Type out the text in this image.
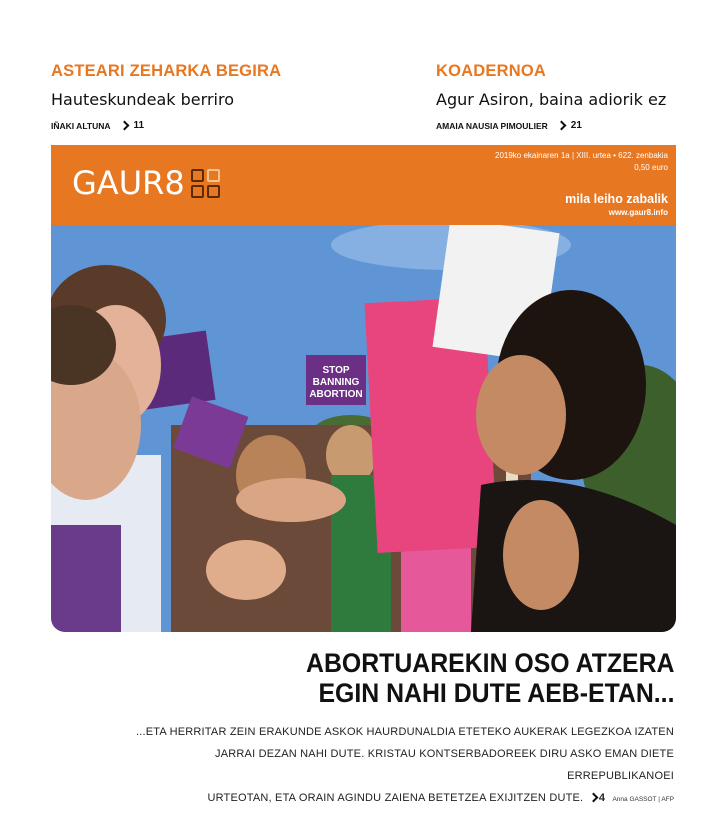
ASTEARI ZEHARKA BEGIRA
Hauteskundeak berriro
IÑAKI ALTUNA 11
KOADERNOA
Agur Asiron, baina adiorik ez
AMAIA NAUSIA PIMOULIER 21
GAUR8
2019ko ekainaren 1a | XIII. urtea • 622. zenbakia
0,50 euro
mila leiho zabalik
www.gaur8.info
STOP
BANNING
ABORTION
ABORTUAREKIN OSO ATZERA
EGIN NAHI DUTE AEB-ETAN...
...ETA HERRITAR ZEIN ERAKUNDE ASKOK HAURDUNALDIA ETETEKO AUKERAK LEGEZKOA IZATEN
JARRAI DEZAN NAHI DUTE. KRISTAU KONTSERBADOREEK DIRU ASKO EMAN DIETE ERREPUBLIKANOEI
URTEOTAN, ETA ORAIN AGINDU ZAIENA BETETZEA EXIJITZEN DUTE. 4 Anna GASSOT | AFP
